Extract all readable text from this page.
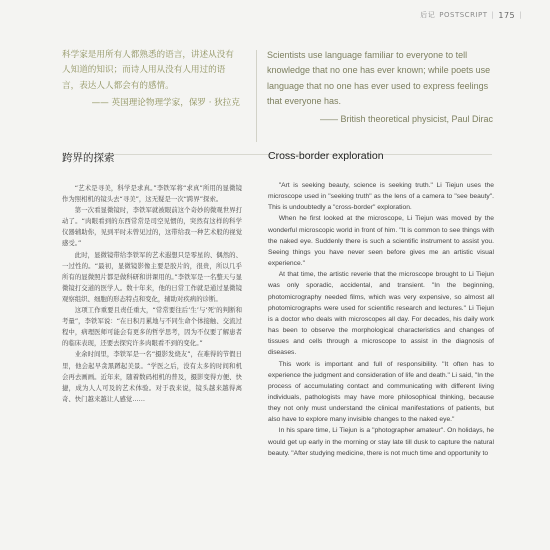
后记 POSTSCRIPT | 175 |
科学家是用所有人都熟悉的语言，讲述从没有人知道的知识；而诗人用从没有人用过的语言，表达人人都会有的感情。
—— 英国理论物理学家，保罗 · 狄拉克
Scientists use language familiar to everyone to tell knowledge that no one has ever known; while poets use language that no one has ever used to express feelings that everyone has.
—— British theoretical physicist, Paul Dirac
跨界的探索

“艺术是寻美，科学是求真。”李铁军将“求真”所用的显微镜作为照相机的镜头去“寻美”，这无疑是一次“跨界”探索。

第一次看显微镜时，李铁军就被眼前这个奇妙的微观世界打动了。“肉眼看到的东西常常是司空见惯的，突然有这样的科学仪器辅助你，见到平时未曾见过的，这带给我一种艺术般的视觉感受。”

此时，显微镜带给李铁军的艺术遐想只是零星的、偶然的、一过性的。“最初，显微镜影像主要是胶片的，很贵，所以几乎所有的显微照片都是做科研和讲课用的。”李铁军是一名整天与显微镜打交道的医学人。数十年来，他的日常工作就是通过显微镜观察组织、细胞的形态特点和变化，辅助对疾病的诊断。

这项工作重要且责任重大，“常常要往后‘生’与‘死’的判断和考量”，李铁军说：“在日积月累地与不同生命个体接触、交流过程中，病理医师可能会有更多的哲学思考，因为不仅要了解患者的临床表现，还要去探究许多肉眼看不到的变化。”

业余时间里，李铁军是一名“摄影发烧友”，在难得的节假日里，他会起早贪黑蹲起美景。“学医之后，没有太多的时间和机会再去画画。近年来，随着数码相机的普及，摄影变得方便、快捷，成为人人可及的艺术体验。对于我来说，镜头越来越得离奇、快门越来越让人感觉……

Cross-border exploration

"Art is seeking beauty, science is seeking truth." Li Tiejun uses the microscope used in "seeking truth" as the lens of a camera to "see beauty". This is undoubtedly a "cross-border" exploration.

When he first looked at the microscope, Li Tiejun was moved by the wonderful microscopic world in front of him. "It is common to see things with the naked eye. Suddenly there is such a scientific instrument to assist you. Seeing things you have never seen before gives me an artistic visual experience."

At that time, the artistic reverie that the microscope brought to Li Tiejun was only sporadic, accidental, and transient. "In the beginning, photomicrography needed films, which was very expensive, so almost all photomicrographs were used for scientific research and lectures." Li Tiejun is a doctor who deals with microscopes all day. For decades, his daily work has been to observe the morphological characteristics and changes of tissues and cells through a microscope to assist in the diagnosis of diseases.

This work is important and full of responsibility. "It often has to experience the judgment and consideration of life and death." Li said, "In the process of accumulating contact and communicating with different living individuals, pathologists may have more philosophical thinking, because they not only must understand the clinical manifestations of patients, but also have to explore many invisible changes to the naked eye."

In his spare time, Li Tiejun is a "photographer amateur". On holidays, he would get up early in the morning or stay late till dusk to capture the natural beauty. "After studying medicine, there is not much time and opportunity to
